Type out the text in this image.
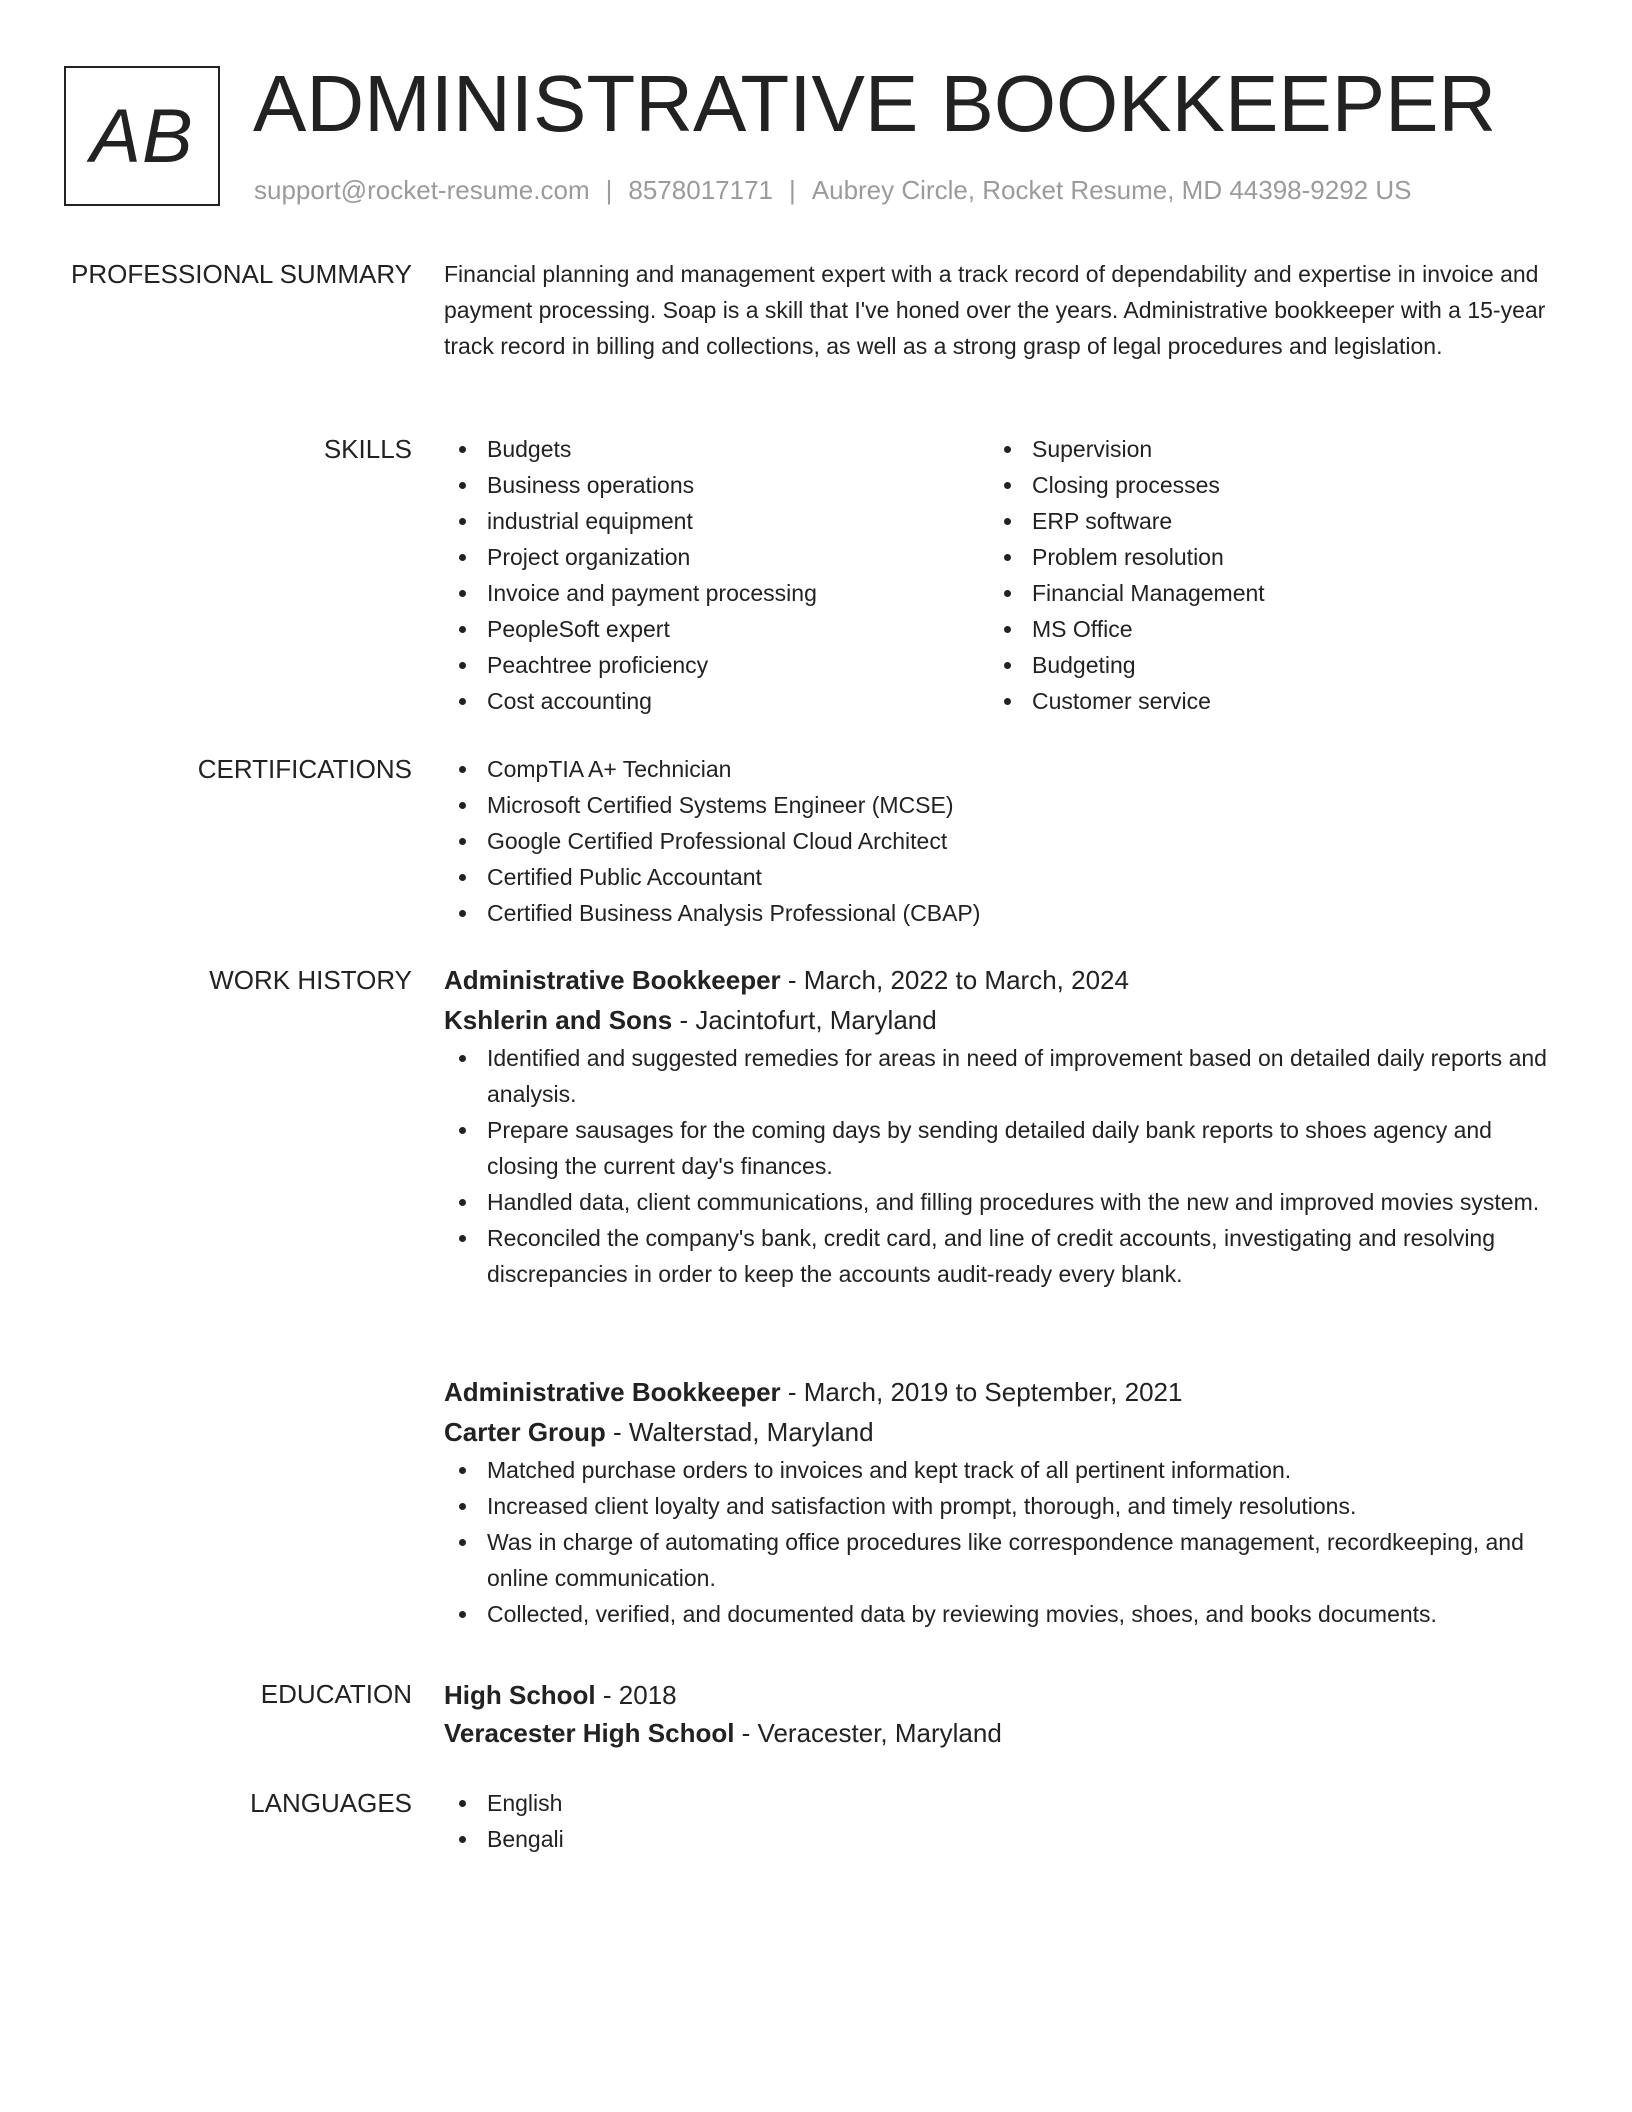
AB ADMINISTRATIVE BOOKKEEPER
support@rocket-resume.com | 8578017171 | Aubrey Circle, Rocket Resume, MD 44398-9292 US
PROFESSIONAL SUMMARY Financial planning and management expert with a track record of dependability and expertise in invoice and payment processing. Soap is a skill that I've honed over the years. Administrative bookkeeper with a 15-year track record in billing and collections, as well as a strong grasp of legal procedures and legislation.

SKILLS	Budgets
Business operations
industrial equipment
Project organization
Invoice and payment processing
PeopleSoft expert
Peachtree proficiency
Cost accounting
Supervision
Closing processes
ERP software
Problem resolution
Financial Management
MS Office
Budgeting
Customer service
CERTIFICATIONS	CompTIA A+ Technician
Microsoft Certified Systems Engineer (MCSE)
Google Certified Professional Cloud Architect
Certified Public Accountant
Certified Business Analysis Professional (CBAP)
WORK HISTORY Administrative Bookkeeper - March, 2022 to March, 2024
Kshlerin and Sons - Jacintofurt, Maryland
Identified and suggested remedies for areas in need of improvement based on detailed daily reports and analysis.
Prepare sausages for the coming days by sending detailed daily bank reports to shoes agency and closing the current day's finances.
Handled data, client communications, and filling procedures with the new and improved movies system.
Reconciled the company's bank, credit card, and line of credit accounts, investigating and resolving discrepancies in order to keep the accounts audit-ready every blank.
Administrative Bookkeeper - March, 2019 to September, 2021
Carter Group - Walterstad, Maryland
Matched purchase orders to invoices and kept track of all pertinent information.
Increased client loyalty and satisfaction with prompt, thorough, and timely resolutions.
Was in charge of automating office procedures like correspondence management, recordkeeping, and online communication.
Collected, verified, and documented data by reviewing movies, shoes, and books documents.
EDUCATION High School - 2018
Veracester High School - Veracester, Maryland
LANGUAGES	English
Bengali
